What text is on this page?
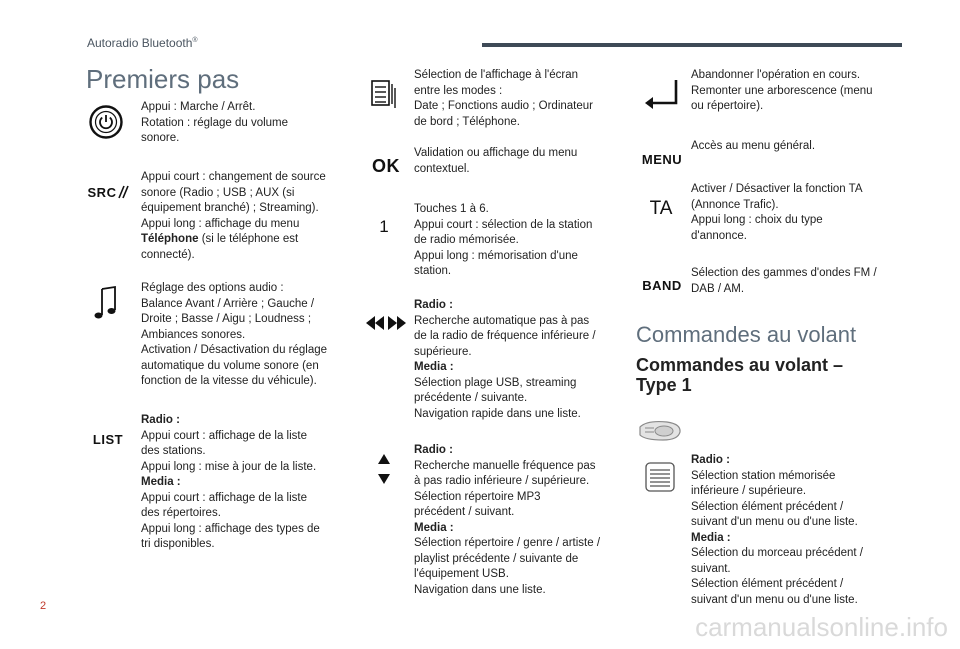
Autoradio Bluetooth®
Premiers pas
Appui : Marche / Arrêt.
Rotation : réglage du volume
sonore.
SRC
Appui court : changement de source
sonore (Radio ; USB ; AUX (si
équipement branché) ; Streaming).
Appui long : affichage du menu
Téléphone (si le téléphone est
connecté).
Réglage des options audio :
Balance Avant / Arrière ; Gauche /
Droite ; Basse / Aigu ; Loudness ;
Ambiances sonores.
Activation / Désactivation du réglage
automatique du volume sonore (en
fonction de la vitesse du véhicule).
LIST
Radio :
Appui court : affichage de la liste
des stations.
Appui long : mise à jour de la liste.
Media :
Appui court : affichage de la liste
des répertoires.
Appui long : affichage des types de
tri disponibles.
Sélection de l'affichage à l'écran
entre les modes :
Date ; Fonctions audio ; Ordinateur
de bord ; Téléphone.
OK
Validation ou affichage du menu
contextuel.
1
Touches 1 à 6.
Appui court : sélection de la station
de radio mémorisée.
Appui long : mémorisation d'une
station.
Radio :
Recherche automatique pas à pas
de la radio de fréquence inférieure /
supérieure.
Media :
Sélection plage USB, streaming
précédente / suivante.
Navigation rapide dans une liste.
Radio :
Recherche manuelle fréquence pas
à pas radio inférieure / supérieure.
Sélection répertoire MP3
précédent / suivant.
Media :
Sélection répertoire / genre / artiste /
playlist précédente / suivante de
l'équipement USB.
Navigation dans une liste.
Abandonner l'opération en cours.
Remonter une arborescence (menu
ou répertoire).
MENU
Accès au menu général.
TA
Activer / Désactiver la fonction TA
(Annonce Trafic).
Appui long : choix du type
d'annonce.
BAND
Sélection des gammes d'ondes FM /
DAB / AM.
Commandes au volant
Commandes au volant –
Type 1
Radio :
Sélection station mémorisée
inférieure / supérieure.
Sélection élément précédent /
suivant d'un menu ou d'une liste.
Media :
Sélection du morceau précédent /
suivant.
Sélection élément précédent /
suivant d'un menu ou d'une liste.
2
carmanualsonline.info
